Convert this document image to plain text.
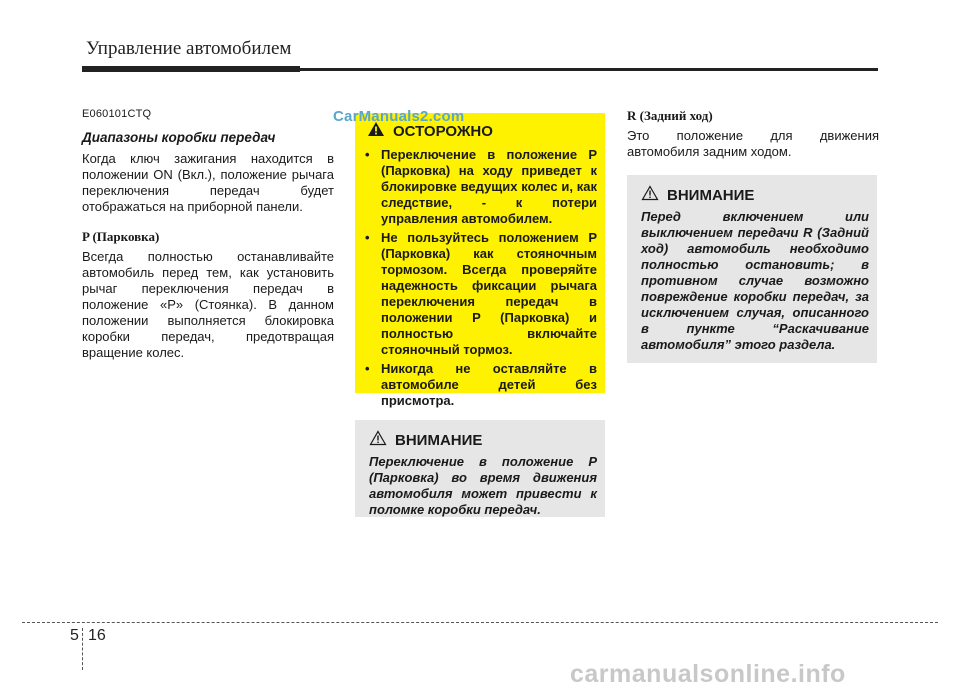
Управление автомобилем

E060101CTQ

Диапазоны коробки передач

Когда ключ зажигания находится в положении ON (Вкл.), положение рычага переключения передач будет отображаться на приборной панели.

P (Парковка)

Всегда полностью останавливайте автомобиль перед тем, как установить рычаг переключения передач в положение «P» (Стоянка). В данном положении выполняется блокировка коробки передач, предотвращая вращение колес.

ОСТОРОЖНО
• Переключение в положение P (Парковка) на ходу приведет к блокировке ведущих колес и, как следствие, - к потери управления автомобилем.
• Не пользуйтесь положением P (Парковка) как стояночным тормозом. Всегда проверяйте надежность фиксации рычага переключения передач в положении P (Парковка) и полностью включайте стояночный тормоз.
• Никогда не оставляйте в автомобиле детей без присмотра.
CarManuals2.com
ВНИМАНИЕ

Переключение в положение P (Парковка) во время движения автомобиля может привести к поломке коробки передач.

R (Задний ход)

Это положение для движения автомобиля задним ходом.

ВНИМАНИЕ

Перед включением или выключением передачи R (Задний ход) автомобиль необходимо полностью остановить; в противном случае возможно повреждение коробки передач, за исключением случая, описанного в пункте “Раскачивание автомобиля” этого раздела.

5 16
carmanualsonline.info
